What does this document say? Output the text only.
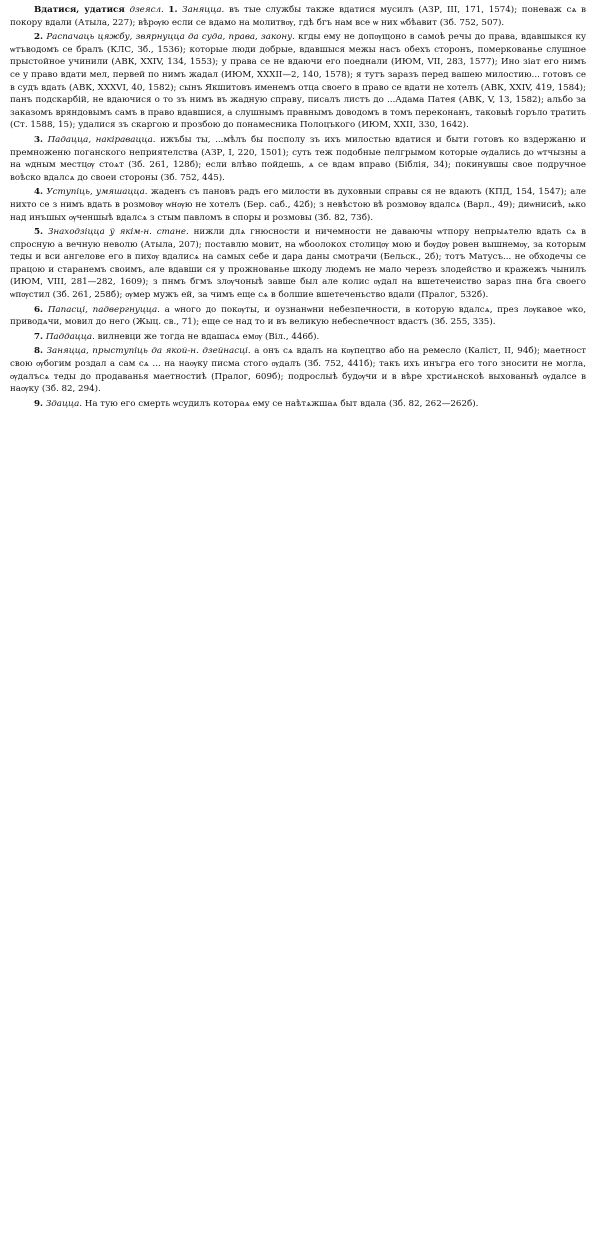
Вдатися, удатися дзеясл. 1. Заняцца. въ тые службы также вдатися мусилъ (АЗР, III, 171, 1574); поневаж сѧ в покору вдали (Атыла, 227); вѣрѹю если се вдамо на молитвѹ, гдѣ бгъ нам все ѡ них ѡбѣавит (Зб. 752, 507).

2. Распачаць цяжбу, звярнуцца да суда, права, закону. кгды ему не допѹщоно в самоѣ речы до права, вдавшыкся ку ѡтъводомъ се бралъ (КЛС, Зб., 1536); которые люди добрые, вдавшыся межы насъ обехъ сторонъ, померкованье слушное прыстойное учинили (АВК, XXIV, 134, 1553); у права се не вдаючи его поеднали (ИЮМ, VII, 283, 1577); Ино зіат его нимъ се у право вдати мел, первей по нимъ жадал (ИЮМ, XXXII—2, 140, 1578); я тутъ заразъ перед вашею милостию... готовъ се в судъ вдать (АВК, XXXVI, 40, 1582); сынъ Якшитовъ именемъ отца своего в право се вдати не хотелъ (АВК, XXIV, 419, 1584); панъ подскарбій, не вдаючися о то зъ нимъ въ жадную справу, писалъ листъ до ...Адама Патея (АВК, V, 13, 1582); альбо за заказомъ вряндовымъ самъ в право вдавшися, а слушнымъ правнымъ доводомъ в томъ переконанъ, таковыѣ горъло тратить (Ст. 1588, 15); удалися зъ скаргою и прозбою до понамесника Полоцъкого (ИЮМ, XXII, 330, 1642).

3. Падацца, накіравацца. ижъбы ты, ...мѣлъ бы посполу зъ ихъ милостью вдатися и быти готовъ ко вздержаню и премноженю поганского неприятелства (АЗР, I, 220, 1501); суть теж подобные пелгрымом которые ѹдались до ѡтчызны а на ѡдным местцѹ стоѧт (Зб. 261, 128б); если влѣво пойдешь, ѧ се вдам вправо (Біблія, 34); покинувшы свое подручное воѣско вдалсѧ до своеи стороны (Зб. 752, 445).

4. Уступіць, умяшацца. жаденъ съ пановъ радъ его милости въ духовныи справы ся не вдають (КПД, 154, 1547); але нихто се з нимъ вдать в розмовѹ ѡнѹю не хотелъ (Бер. саб., 42б); з невѣстою вѣ розмовѹ вдалсѧ (Варл., 49); диѡнисиѣ, ѩко над инъшых ѹченшыѣ вдалсѧ з стым павломъ в споры и розмовы (Зб. 82, 73б).

5. Знаходзіцца ў якім-н. стане. нижли длѧ гнюсности и ничемности не даваючы ѡтпору непрыѧтелю вдать сѧ в спросную а вечную неволю (Атыла, 207); поставлю мовит, на ѡбоолокох столицѹ мою и бѹдѹ ровен вышнемѹ, за которым теды и вси ангелове его в пихѹ вдалисѧ на самых себе и дара даны смотрачи (Бельск., 2б); тотъ Матусъ... не обходечы се працою и старанемъ своимъ, але вдавши ся у прожнованье шкоду людемъ не мало черезъ злодейство и кражежъ чынилъ (ИЮМ, VIII, 281—282, 1609); з пнмъ бгмъ злѹчоныѣ завше был але колис ѹдал на вшетечеиство зараз пна бга своего ѡпѹстил (Зб. 261, 258б); ѹмер мужъ ей, за чимъ еще сѧ в болшие вшетеченьство вдали (Пралог, 532б).

6. Папасці, падвергнуцца. а ѡного до покѹты, и оузнанѡни небезпечности, в которую вдалсѧ, през лѹкавое ѡко, приводѧчи, мовил до него (Жыц. св., 71); еще се над то и въ великую небесnечност вдастъ (Зб. 255, 335).

7. Паддацца. вилневци же тогда не вдашасѧ емѹ (Віл., 446б).

8. Заняцца, прыступіць да якой-н. дзейнасці. а онъ сѧ вдалъ на кѹпецтво або на ремесло (Каліст, II, 94б); маетност свою ѹбогим роздал а сам сѧ ... на наѹку писма стого ѹдалъ (Зб. 752, 441б); такъ ихъ инъгра его того зносити не могла, ѹдалъсѧ теды до продаванья маетностиѣ (Пралог, 609б); подрослыѣ будѹчи и в вѣре хрстиѧнскоѣ выхованыѣ ѹдалсе в наѹку (Зб. 82, 294).

9. Здацца. На тую его смерть ѡсудилъ котораѧ ему се наѣтѧжшаѧ быт вдала (Зб. 82, 262—262б).
